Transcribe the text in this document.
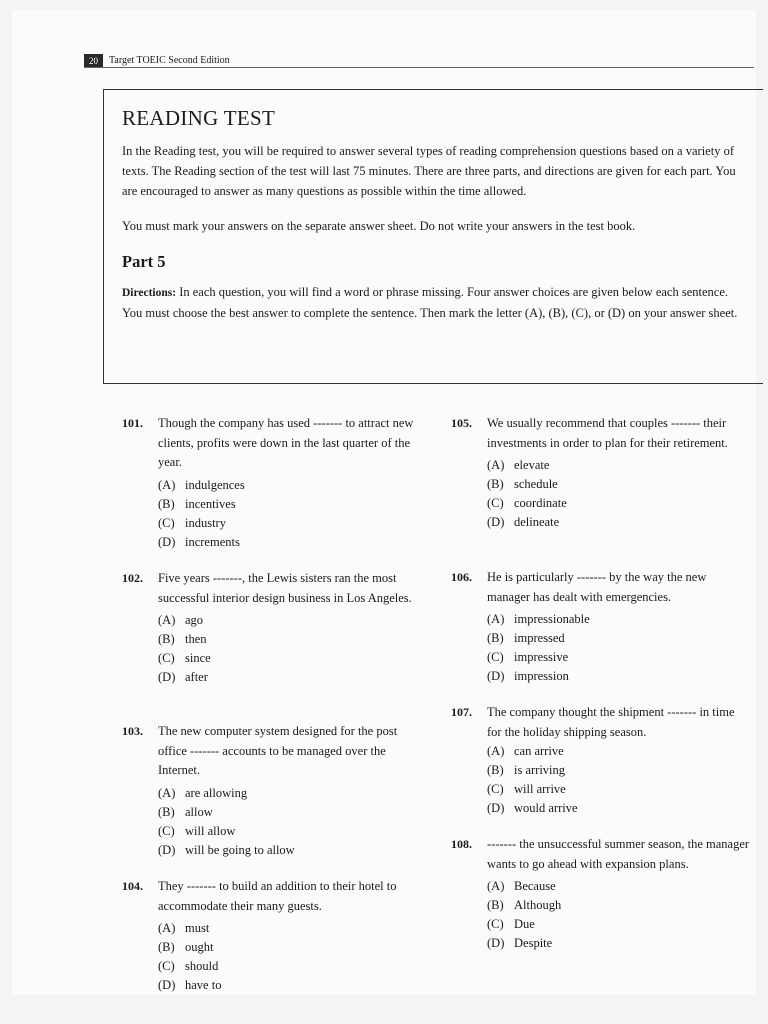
20	Target TOEIC Second Edition
READING TEST

In the Reading test, you will be required to answer several types of reading comprehension questions based on a variety of texts. The Reading section of the test will last 75 minutes. There are three parts, and directions are given for each part. You are encouraged to answer as many questions as possible within the time allowed.

You must mark your answers on the separate answer sheet. Do not write your answers in the test book.

Part 5

Directions: In each question, you will find a word or phrase missing. Four answer choices are given below each sentence. You must choose the best answer to complete the sentence. Then mark the letter (A), (B), (C), or (D) on your answer sheet.

101.	Though the company has used ------- to attract new clients, profits were down in the last quarter of the year.
(A) indulgences
(B) incentives
(C) industry
(D) increments
102.	Five years -------, the Lewis sisters ran the most successful interior design business in Los Angeles.
(A) ago
(B) then
(C) since
(D) after
103.	The new computer system designed for the post office ------- accounts to be managed over the Internet.
(A) are allowing
(B) allow
(C) will allow
(D) will be going to allow
104.	They ------- to build an addition to their hotel to accommodate their many guests.
(A) must
(B) ought
(C) should
(D) have to
105.	We usually recommend that couples ------- their investments in order to plan for their retirement.
(A) elevate
(B) schedule
(C) coordinate
(D) delineate
106.	He is particularly ------- by the way the new manager has dealt with emergencies.
(A) impressionable
(B) impressed
(C) impressive
(D) impression
107.	The company thought the shipment ------- in time for the holiday shipping season.
(A) can arrive
(B) is arriving
(C) will arrive
(D) would arrive
108.	------- the unsuccessful summer season, the manager wants to go ahead with expansion plans.
(A) Because
(B) Although
(C) Due
(D) Despite
